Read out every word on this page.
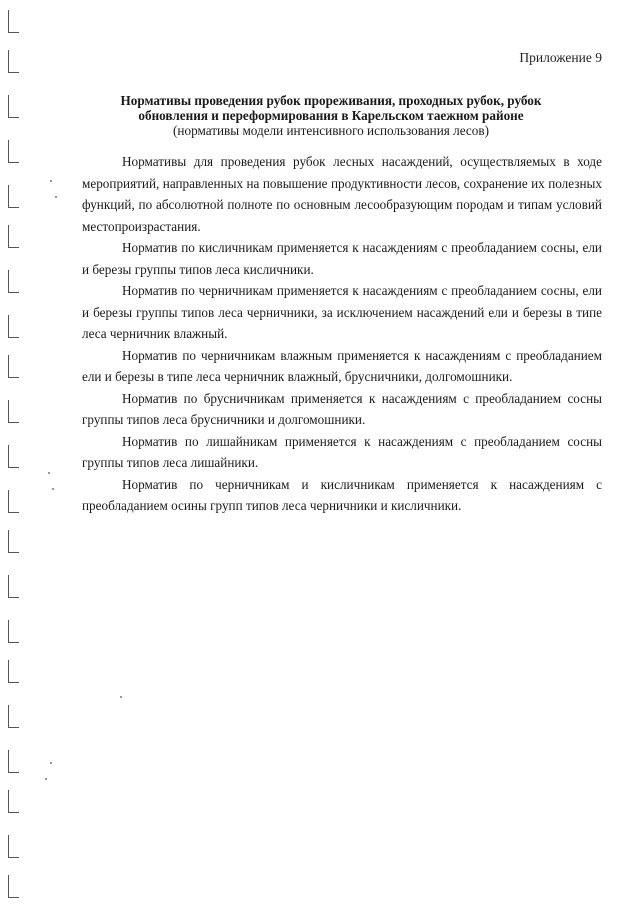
Приложение 9
Нормативы проведения рубок прореживания, проходных рубок, рубок
обновления и переформирования в Карельском таежном районе
(нормативы модели интенсивного использования лесов)

Нормативы для проведения рубок лесных насаждений, осуществляемых в ходе мероприятий, направленных на повышение продуктивности лесов, сохранение их полезных функций, по абсолютной полноте по основным лесообразующим породам и типам условий местопроизрастания.

Норматив по кисличникам применяется к насаждениям с преобладанием сосны, ели и березы группы типов леса кисличники.

Норматив по черничникам применяется к насаждениям с преобладанием сосны, ели и березы группы типов леса черничники, за исключением насаждений ели и березы в типе леса черничник влажный.

Норматив по черничникам влажным применяется к насаждениям с преобладанием ели и березы в типе леса черничник влажный, брусничники, долгомошники.

Норматив по брусничникам применяется к насаждениям с преобладанием сосны группы типов леса брусничники и долгомошники.

Норматив по лишайникам применяется к насаждениям с преобладанием сосны группы типов леса лишайники.

Норматив по черничникам и кисличникам применяется к насаждениям с преобладанием осины групп типов леса черничники и кисличники.
